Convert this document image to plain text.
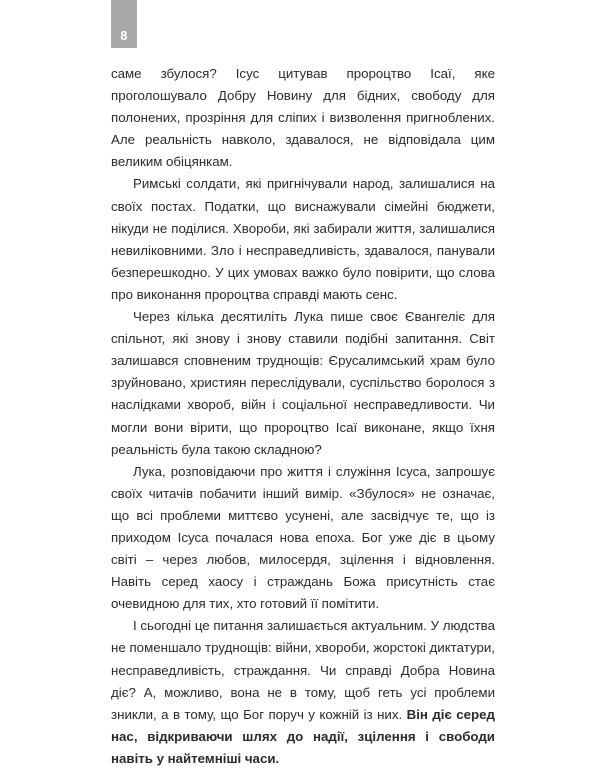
8

саме збулося? Ісус цитував пророцтво Ісаї, яке проголошувало Добру Новину для бідних, свободу для полонених, прозріння для сліпих і визволення пригноблених. Але реальність навколо, здавалося, не відповідала цим великим обіцянкам.

Римські солдати, які пригнічували народ, залишалися на своїх постах. Податки, що виснажували сімейні бюджети, нікуди не поділися. Хвороби, які забирали життя, залишалися невиліковними. Зло і несправедливість, здавалося, панували безперешкодно. У цих умовах важко було повірити, що слова про виконання пророцтва справді мають сенс.

Через кілька десятиліть Лука пише своє Євангеліє для спільнот, які знову і знову ставили подібні запитання. Світ залишався сповненим труднощів: Єрусалимський храм було зруйновано, християн переслідували, суспільство боролося з наслідками хвороб, війн і соціальної несправедливости. Чи могли вони вірити, що пророцтво Ісаї виконане, якщо їхня реальність була такою складною?

Лука, розповідаючи про життя і служіння Ісуса, запрошує своїх читачів побачити інший вимір. «Збулося» не означає, що всі проблеми миттєво усунені, але засвідчує те, що із приходом Ісуса почалася нова епоха. Бог уже діє в цьому світі – через любов, милосердя, зцілення і відновлення. Навіть серед хаосу і страждань Божа присутність стає очевидною для тих, хто готовий її помітити.

І сьогодні це питання залишається актуальним. У людства не поменшало труднощів: війни, хвороби, жорстокі диктатури, несправедливість, страждання. Чи справді Добра Новина діє? А, можливо, вона не в тому, щоб геть усі проблеми зникли, а в тому, що Бог поруч у кожній із них. Він діє серед нас, відкриваючи шлях до надії, зцілення і свободи навіть у найтемніші часи.
